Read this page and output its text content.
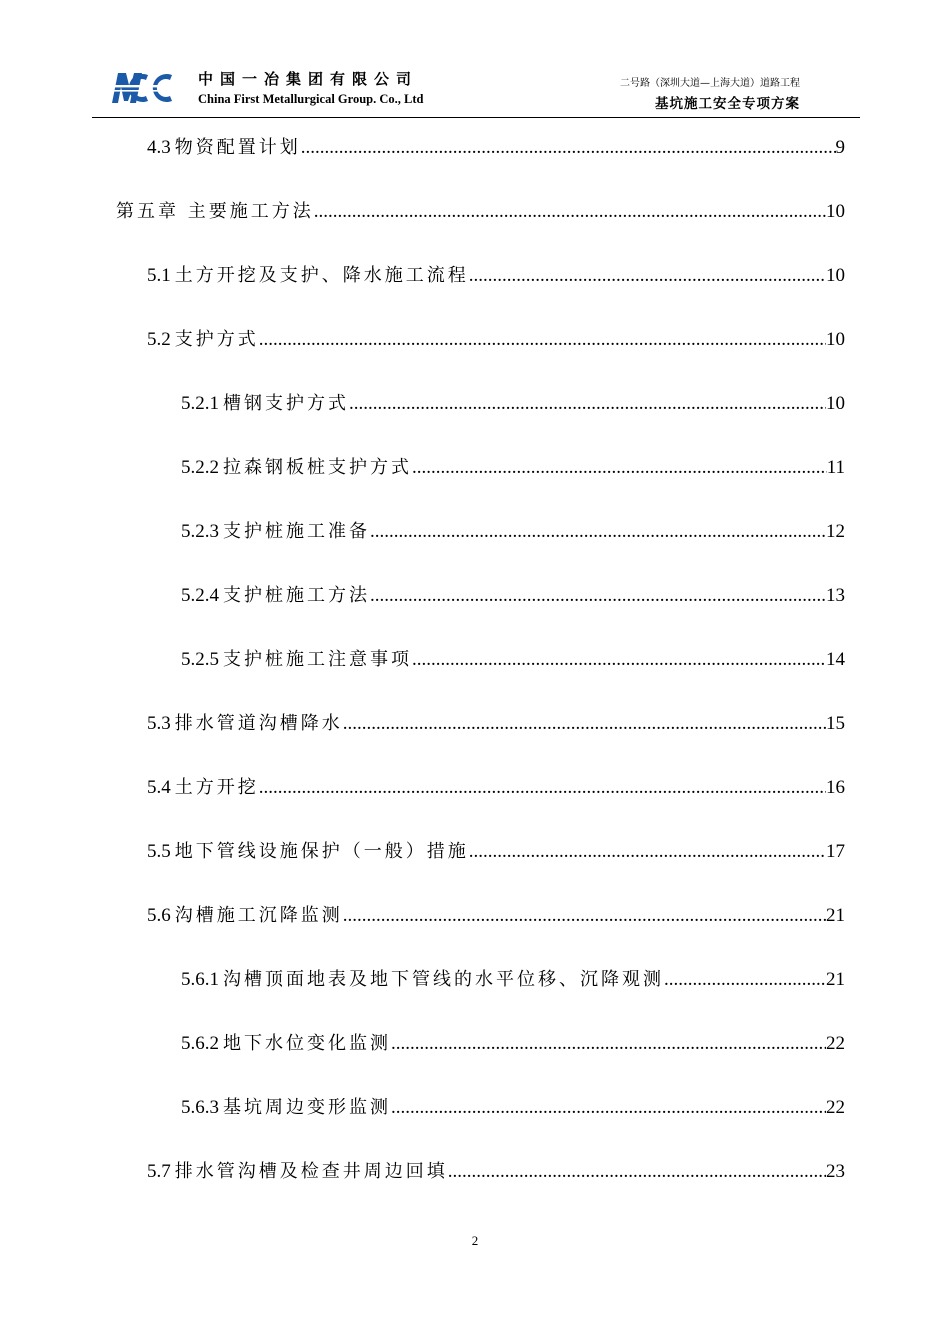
中国一冶集团有限公司
China First Metallurgical Group. Co., Ltd
二号路（深圳大道—上海大道）道路工程
基坑施工安全专项方案
4.3 物资配置计划 .....	9
第五章 主要施工方法 .....	10
5.1 土方开挖及支护、降水施工流程 .....	10
5.2 支护方式 .....	10
5.2.1 槽钢支护方式 .....	10
5.2.2 拉森钢板桩支护方式 .....	11
5.2.3 支护桩施工准备 .....	12
5.2.4 支护桩施工方法 .....	13
5.2.5 支护桩施工注意事项 .....	14
5.3 排水管道沟槽降水 .....	15
5.4 土方开挖 .....	16
5.5 地下管线设施保护（一般）措施 .....	17
5.6 沟槽施工沉降监测 .....	21
5.6.1 沟槽顶面地表及地下管线的水平位移、沉降观测 .....	21
5.6.2 地下水位变化监测 .....	22
5.6.3 基坑周边变形监测 .....	22
5.7 排水管沟槽及检查井周边回填 .....	23
2
